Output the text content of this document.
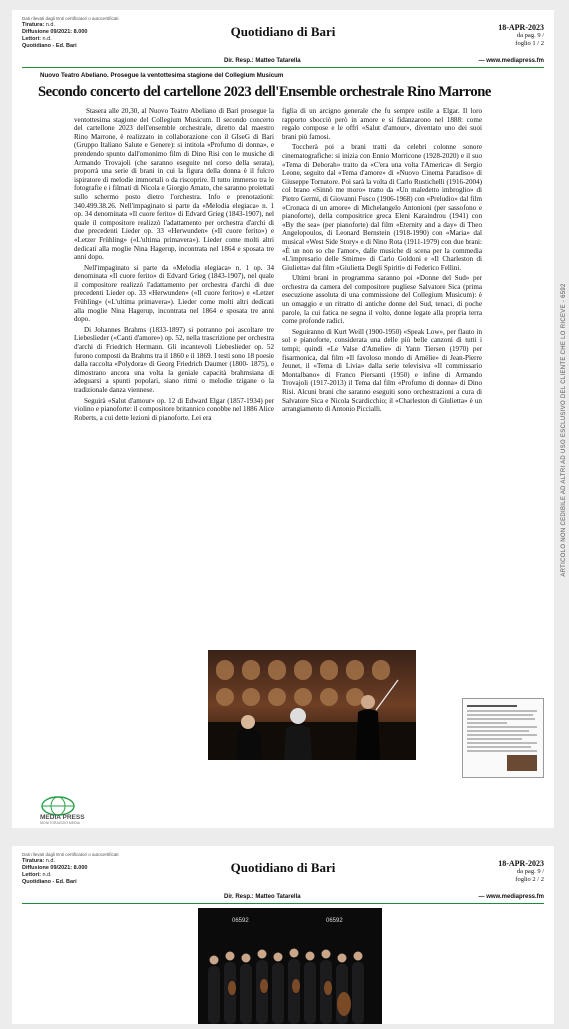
Dati rilevati dagli Enti certificatori o autocertificati
Tiratura: n.d.
Diffusione 09/2021: 8.000
Lettori: n.d.
Quotidiano - Ed. Bari
Quotidiano di Bari
Dir. Resp.: Matteo Tatarella
18-APR-2023
da pag. 9 /
foglio 1 / 2
— www.mediapress.fm
Nuovo Teatro Abeliano. Prosegue la ventottesima stagione del Collegium Musicum
Secondo concerto del cartellone 2023 dell'Ensemble orchestrale Rino Marrone

Stasera alle 20,30, al Nuovo Teatro Abeliano di Bari prosegue la ventottesima stagione del Collegium Musicum. Il secondo concerto del cartellone 2023 dell'ensemble orchestrale, diretto dal maestro Rino Marrone, è realizzato in collaborazione con il GIseG di Bari (Gruppo Italiano Salute e Genere): si intitola «Profumo di donna», e prendendo spunto dall'omonimo film di Dino Risi con le musiche di Armando Trovajoli (che saranno eseguite nel corso della serata), proporrà una serie di brani in cui la figura della donna è il fulcro ispiratore di melodie immortali o da riscoprire. Il tutto immerso tra le fotografie e i filmati di Nicola e Giorgio Amato, che saranno proiettati sullo schermo posto dietro l'orchestra. Info e prenotazioni: 340.499.38.26. Nell'impaginato si parte da «Melodia elegiaca» n. 1 op. 34 denominata «Il cuore ferito» di Edvard Grieg (1843-1907), nel quale il compositore realizzò l'adattamento per orchestra d'archi di due precedenti Lieder op. 33 «Herwunden» («Il cuore ferito») e «Letzer Frühling» («L'ultima primavera»). Lieder come molti altri dedicati alla moglie Nina Hagerup, incontrata nel 1864 e sposata tre anni dopo.

Nell'impaginato si parte da «Melodia elegiaca» n. 1 op. 34 denominata «Il cuore ferito» di Edvard Grieg (1843-1907), nel quale il compositore realizzò l'adattamento per orchestra d'archi di due precedenti Lieder op. 33 «Herwunden» («Il cuore ferito») e «Letzer Frühling» («L'ultima primavera»). Lieder come molti altri dedicati alla moglie Nina Hagerup, incontrata nel 1864 e sposata tre anni dopo.

Di Johannes Brahms (1833-1897) si potranno poi ascoltare tre Liebeslieder («Canti d'amore») op. 52, nella trascrizione per orchestra d'archi di Friedrich Hermann. Gli incantevoli Liebeslieder op. 52 furono composti da Brahms tra il 1860 e il 1869. I testi sono 18 poesie dalla raccolta «Polydora» di Georg Friedrich Daumer (1800- 1875), e dimostrano ancora una volta la geniale capacità brahmsiana di adeguarsi a spunti popolari, siano ritmi o melodie tzigane o la tradizionale danza viennese.

Seguirà «Salut d'amour» op. 12 di Edward Elgar (1857-1934) per violino e pianoforte: il compositore britannico conobbe nel 1886 Alice Roberts, a cui dette lezioni di pianoforte. Lei era

figlia di un arcigno generale che fu sempre ostile a Elgar. Il loro rapporto sbocciò però in amore e si fidanzarono nel 1888: come regalo compose e le offrì «Salut d'amour», diventato uno dei suoi brani più famosi.

Toccherà poi a brani tratti da celebri colonne sonore cinematografiche: si inizia con Ennio Morricone (1928-2020) e il suo «Tema di Deborah» tratto da «C'era una volta l'America» di Sergio Leone, seguito dal «Tema d'amore» di «Nuovo Cinema Paradiso» di Giuseppe Tornatore. Poi sarà la volta di Carlo Rustichelli (1916-2004) col brano «Sinnò me moro» tratto da «Un maledetto imbroglio» di Pietro Germi, di Giovanni Fusco (1906-1968) con «Preludio» dal film «Cronaca di un amore» di Michelangelo Antonioni (per sassofono e pianoforte), della compositrice greca Eleni Karaindrou (1941) con «By the sea» (per pianoforte) dal film «Eternity and a day» di Theo Angelopoulos, di Leonard Bernstein (1918-1990) con «Maria» dal musical «West Side Story» e di Nino Rota (1911-1979) con due brani: «È un non so che l'amor», dalle musiche di scena per la commedia «L'impresario delle Smirne» di Carlo Goldoni e «Il Charleston di Giulietta» dal film «Giulietta Degli Spiriti» di Federico Fellini.

Ultimi brani in programma saranno poi «Donne del Sud» per orchestra da camera del compositore pugliese Salvatore Sica (prima esecuzione assoluta di una commissione del Collegium Musicum): è un omaggio e un ritratto di antiche donne del Sud, tenaci, di poche parole, la cui fatica ne segna il volto, donne legate alla propria terra come profonde radici.

Seguiranno di Kurt Weill (1900-1950) «Speak Low», per flauto in sol e pianoforte, considerata una delle più belle canzoni di tutti i tempi; quindi «Le Valse d'Amelie» di Yann Tiersen (1970) per fisarmonica, dal film «Il favoloso mondo di Amélie» di Jean-Pierre Jeunet, il «Tema di Livia» dalla serie televisiva «Il commissario Montalbano» di Franco Piersanti (1950) e infine di Armando Trovajoli (1917-2013) il Tema dal film «Profumo di donna» di Dino Risi. Alcuni brani che saranno eseguiti sono orchestrazioni a cura di Salvatore Sica e Nicola Scardicchio; il «Charleston di Giulietta» è un arrangiamento di Antonio Piccialli.	ARTICOLO NON CEDIBILE AD ALTRI AD USO ESCLUSIVO DEL CLIENTE CHE LO RICEVE - 6592
MEDIA PRESS
MONITORAGGIO MEDIA
Dati rilevati dagli Enti certificatori o autocertificati
Tiratura: n.d.
Diffusione 09/2021: 8.000
Lettori: n.d.
Quotidiano - Ed. Bari
Quotidiano di Bari
Dir. Resp.: Matteo Tatarella
18-APR-2023
da pag. 9 /
foglio 2 / 2
— www.mediapress.fm
06592	06592
